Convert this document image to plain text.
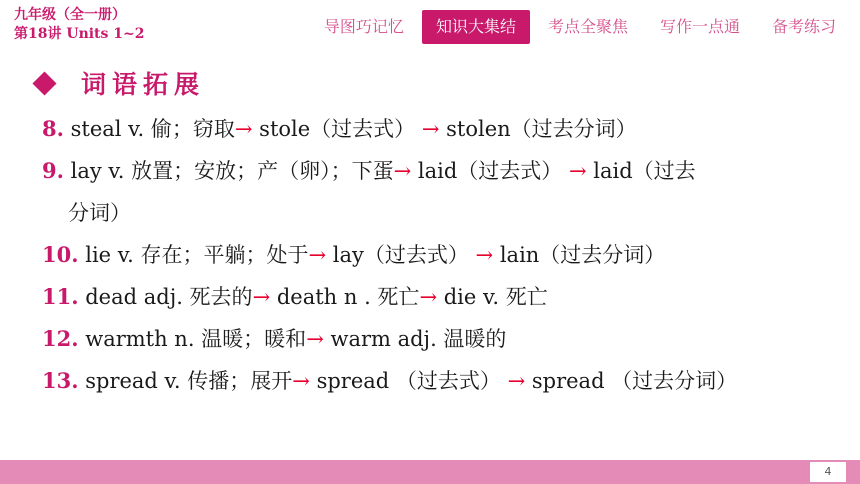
九年级（全一册）
第18讲 Units 1~2	导图巧记忆	知识大集结	考点全聚焦	写作一点通	备考练习
词语拓展
8. steal v. 偷；窃取→ stole（过去式） → stolen（过去分词）
9. lay v. 放置；安放；产（卵）；下蛋→ laid（过去式） → laid（过去
分词）
10. lie v. 存在；平躺；处于→ lay（过去式） → lain（过去分词）
11. dead adj. 死去的→ death n . 死亡→ die v. 死亡
12. warmth n. 温暖；暖和→ warm adj. 温暖的
13. spread v. 传播；展开→ spread （过去式） → spread （过去分词）
4
